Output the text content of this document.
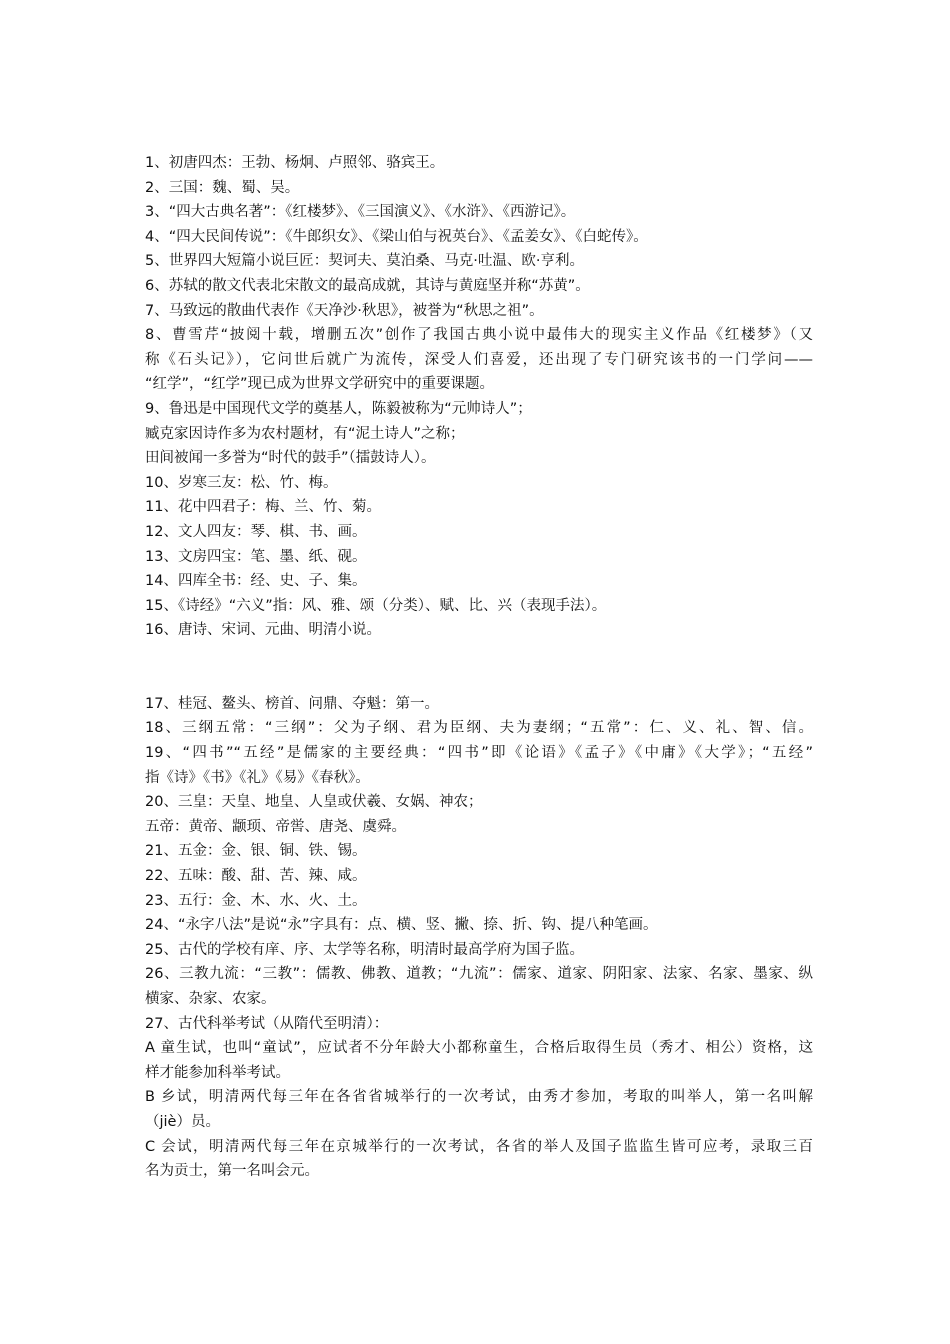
1、初唐四杰：王勃、杨炯、卢照邻、骆宾王。
2、三国：魏、蜀、吴。
3、“四大古典名著”：《红楼梦》、《三国演义》、《水浒》、《西游记》。
4、“四大民间传说”：《牛郎织女》、《梁山伯与祝英台》、《孟姜女》、《白蛇传》。
5、世界四大短篇小说巨匠：契诃夫、莫泊桑、马克·吐温、欧·亨利。
6、苏轼的散文代表北宋散文的最高成就，其诗与黄庭坚并称“苏黄”。
7、马致远的散曲代表作《天净沙·秋思》，被誉为“秋思之祖”。
8、曹雪芹“披阅十载，增删五次”创作了我国古典小说中最伟大的现实主义作品《红楼梦》（又
称《石头记》），它问世后就广为流传，深受人们喜爱，还出现了专门研究该书的一门学问——
“红学”，“红学”现已成为世界文学研究中的重要课题。
9、鲁迅是中国现代文学的奠基人，陈毅被称为“元帅诗人”；
臧克家因诗作多为农村题材，有“泥土诗人”之称；
田间被闻一多誉为“时代的鼓手”（擂鼓诗人）。
10、岁寒三友：松、竹、梅。
11、花中四君子：梅、兰、竹、菊。
12、文人四友：琴、棋、书、画。
13、文房四宝：笔、墨、纸、砚。
14、四库全书：经、史、子、集。
15、《诗经》“六义”指：风、雅、颂（分类）、赋、比、兴（表现手法）。
16、唐诗、宋词、元曲、明清小说。
17、桂冠、鳌头、榜首、问鼎、夺魁：第一。
18、三纲五常：“三纲”：父为子纲、君为臣纲、夫为妻纲；“五常”：仁、义、礼、智、信。
19、“四书”“五经”是儒家的主要经典：“四书”即《论语》《孟子》《中庸》《大学》；“五经”
指《诗》《书》《礼》《易》《春秋》。
20、三皇：天皇、地皇、人皇或伏羲、女娲、神农；
五帝：黄帝、颛顼、帝喾、唐尧、虞舜。
21、五金：金、银、铜、铁、锡。
22、五味：酸、甜、苦、辣、咸。
23、五行：金、木、水、火、土。
24、“永字八法”是说“永”字具有：点、横、竖、撇、捺、折、钩、提八种笔画。
25、古代的学校有庠、序、太学等名称，明清时最高学府为国子监。
26、三教九流：“三教”：儒教、佛教、道教；“九流”：儒家、道家、阴阳家、法家、名家、墨家、纵
横家、杂家、农家。
27、古代科举考试（从隋代至明清）：
A 童生试，也叫“童试”，应试者不分年龄大小都称童生，合格后取得生员（秀才、相公）资格，这
样才能参加科举考试。
B 乡试，明清两代每三年在各省省城举行的一次考试，由秀才参加，考取的叫举人，第一名叫解
（jiè）员。
C 会试，明清两代每三年在京城举行的一次考试，各省的举人及国子监监生皆可应考，录取三百
名为贡士，第一名叫会元。
